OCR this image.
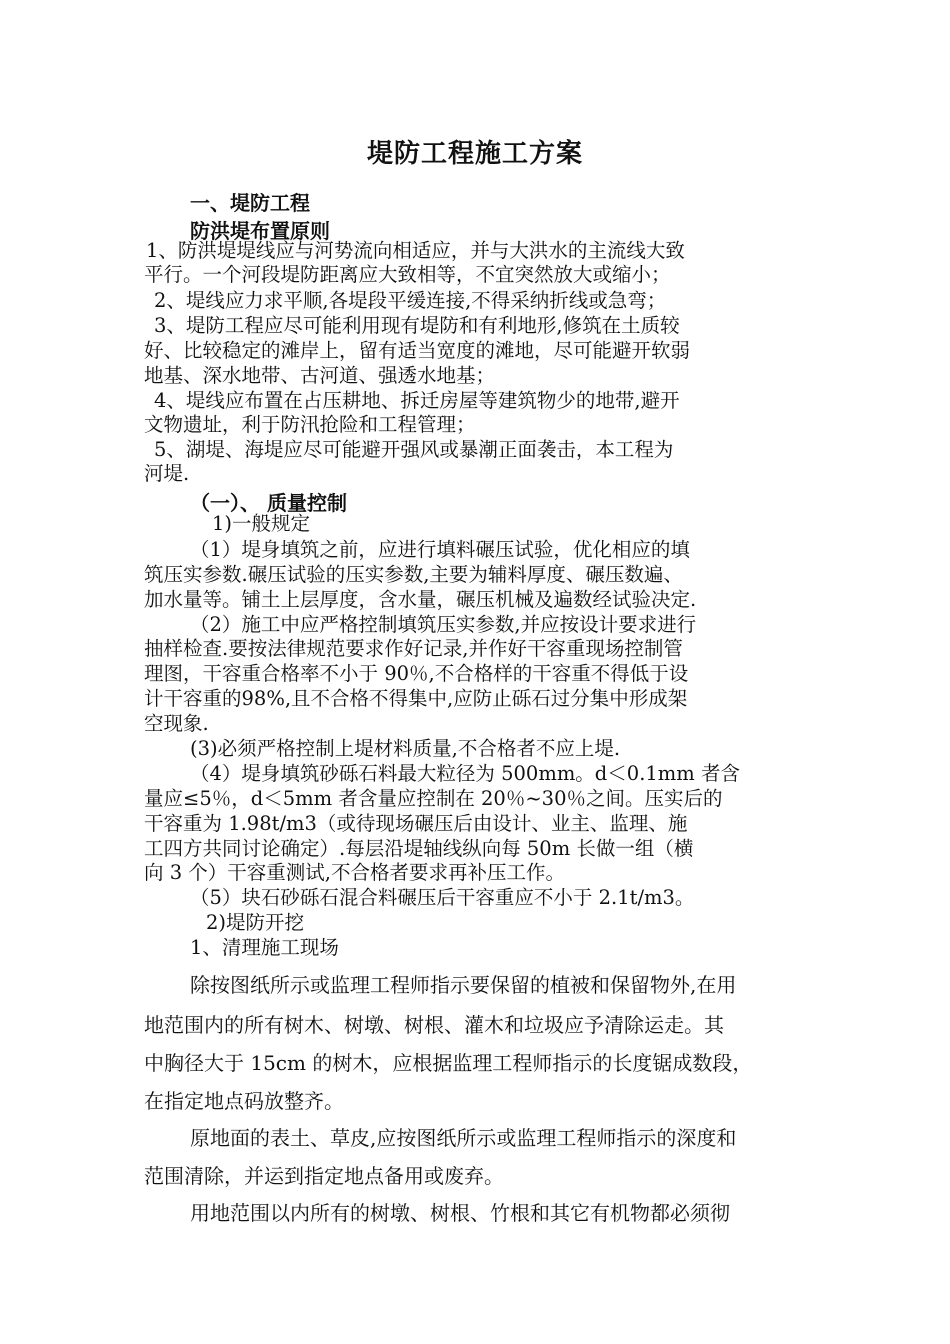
堤防工程施工方案
一、堤防工程
防洪堤布置原则
1、防洪堤堤线应与河势流向相适应，并与大洪水的主流线大致
平行。一个河段堤防距离应大致相等，不宜突然放大或缩小；
2、堤线应力求平顺,各堤段平缓连接,不得采纳折线或急弯；
3、堤防工程应尽可能利用现有堤防和有利地形,修筑在土质较
好、比较稳定的滩岸上，留有适当宽度的滩地，尽可能避开软弱
地基、深水地带、古河道、强透水地基；
4、堤线应布置在占压耕地、拆迁房屋等建筑物少的地带,避开
文物遗址，利于防汛抢险和工程管理；
5、湖堤、海堤应尽可能避开强风或暴潮正面袭击，本工程为
河堤.
（一）、 质量控制
1)一般规定
（1）堤身填筑之前，应进行填料碾压试验，优化相应的填
筑压实参数.碾压试验的压实参数,主要为辅料厚度、碾压数遍、
加水量等。铺土上层厚度，含水量，碾压机械及遍数经试验决定.
（2）施工中应严格控制填筑压实参数,并应按设计要求进行
抽样检查.要按法律规范要求作好记录,并作好干容重现场控制管
理图，干容重合格率不小于 90％,不合格样的干容重不得低于设
计干容重的98%,且不合格不得集中,应防止砾石过分集中形成架
空现象.
(3)必须严格控制上堤材料质量,不合格者不应上堤.
（4）堤身填筑砂砾石料最大粒径为 500mm。d＜0.1mm 者含
量应≤5％，d＜5mm 者含量应控制在 20％~30％之间。压实后的
干容重为 1.98t/m3（或待现场碾压后由设计、业主、监理、施
工四方共同讨论确定）.每层沿堤轴线纵向每 50m 长做一组（横
向 3 个）干容重测试,不合格者要求再补压工作。
（5）块石砂砾石混合料碾压后干容重应不小于 2.1t/m3。
2)堤防开挖
1、清理施工现场
除按图纸所示或监理工程师指示要保留的植被和保留物外,在用
地范围内的所有树木、树墩、树根、灌木和垃圾应予清除运走。其
中胸径大于 15cm 的树木，应根据监理工程师指示的长度锯成数段，
在指定地点码放整齐。
原地面的表土、草皮,应按图纸所示或监理工程师指示的深度和
范围清除，并运到指定地点备用或废弃。
用地范围以内所有的树墩、树根、竹根和其它有机物都必须彻
